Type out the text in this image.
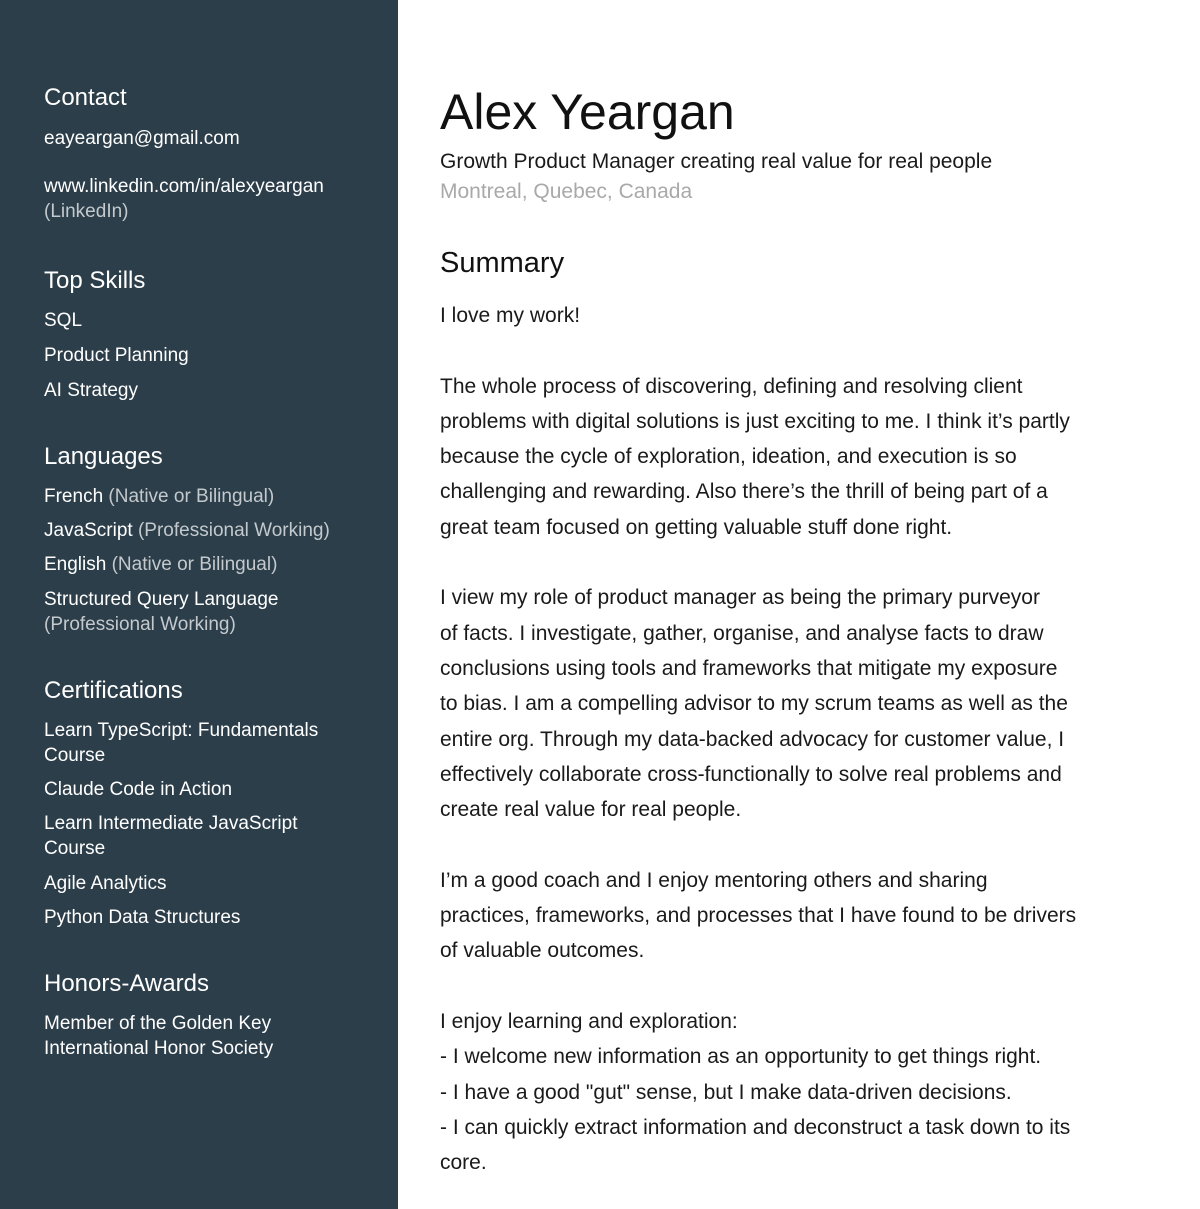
Contact
eayeargan@gmail.com
www.linkedin.com/in/alexyeargan
(LinkedIn)
Top Skills
SQL
Product Planning
AI Strategy
Languages
French (Native or Bilingual)
JavaScript (Professional Working)
English (Native or Bilingual)
Structured Query Language
(Professional Working)
Certifications
Learn TypeScript: Fundamentals
Course
Claude Code in Action
Learn Intermediate JavaScript
Course
Agile Analytics
Python Data Structures
Honors-Awards
Member of the Golden Key
International Honor Society
Alex Yeargan
Growth Product Manager creating real value for real people
Montreal, Quebec, Canada
Summary

I love my work!

The whole process of discovering, defining and resolving client
problems with digital solutions is just exciting to me. I think it’s partly
because the cycle of exploration, ideation, and execution is so
challenging and rewarding. Also there’s the thrill of being part of a
great team focused on getting valuable stuff done right.

I view my role of product manager as being the primary purveyor
of facts. I investigate, gather, organise, and analyse facts to draw
conclusions using tools and frameworks that mitigate my exposure
to bias. I am a compelling advisor to my scrum teams as well as the
entire org. Through my data-backed advocacy for customer value, I
effectively collaborate cross-functionally to solve real problems and
create real value for real people.

I’m a good coach and I enjoy mentoring others and sharing
practices, frameworks, and processes that I have found to be drivers
of valuable outcomes.

I enjoy learning and exploration:
- I welcome new information as an opportunity to get things right.
- I have a good "gut" sense, but I make data-driven decisions.
- I can quickly extract information and deconstruct a task down to its
core.
